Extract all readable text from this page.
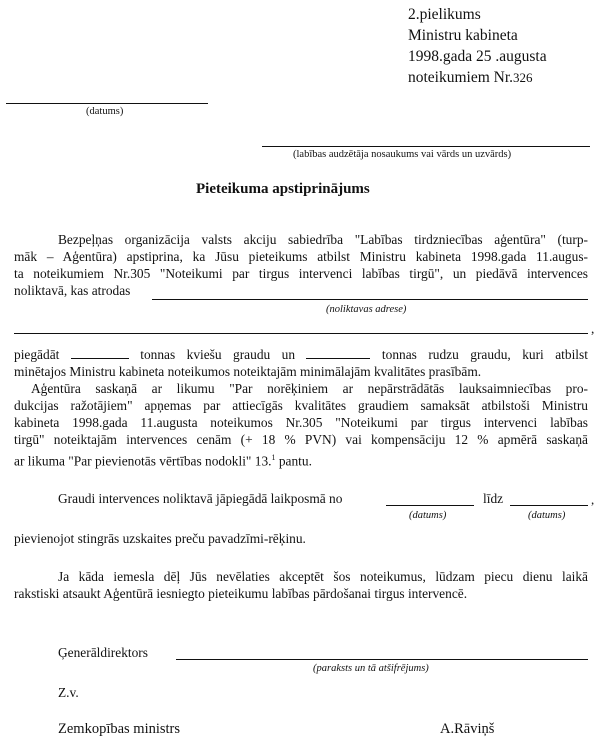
2.pielikums
Ministru kabineta
1998.gada 25 .augusta
noteikumiem Nr.326
(datums)
(labības audzētāja nosaukums vai vārds un uzvārds)
Pieteikuma apstiprinājums
Bezpeļņas organizācija valsts akciju sabiedrība "Labības tirdzniecības aģentūra" (turp-
māk – Aģentūra) apstiprina, ka Jūsu pieteikums atbilst Ministru kabineta 1998.gada 11.augus-
ta noteikumiem Nr.305 "Noteikumi par tirgus intervenci labības tirgū", un piedāvā intervences
noliktavā, kas atrodas
(noliktavas adrese)
,
piegādāt	tonnas kviešu graudu un	tonnas rudzu graudu, kuri atbilst
minētajos Ministru kabineta noteikumos noteiktajām minimālajām kvalitātes prasībām.
Aģentūra saskaņā ar likumu "Par norēķiniem ar nepārstrādātās lauksaimniecības pro-
dukcijas ražotājiem" apņemas par attiecīgās kvalitātes graudiem samaksāt atbilstoši Ministru
kabineta 1998.gada 11.augusta noteikumos Nr.305 "Noteikumi par tirgus intervenci labības
tirgū" noteiktajām intervences cenām (+ 18 % PVN) vai kompensāciju 12 % apmērā saskaņā
ar likuma "Par pievienotās vērtības nodokli" 13.$^1$ pantu.
Graudi intervences noliktavā jāpiegādā laikposmā no	līdz	,
(datums)	(datums)
pievienojot stingrās uzskaites preču pavadzīmi-rēķinu.
Ja kāda iemesla dēļ Jūs nevēlaties akceptēt šos noteikumus, lūdzam piecu dienu laikā
rakstiski atsaukt Aģentūrā iesniegto pieteikumu labības pārdošanai tirgus intervencē.
Ģenerāldirektors
(paraksts un tā atšifrējums)
Z.v.
Zemkopības ministrs	A.Rāviņš
